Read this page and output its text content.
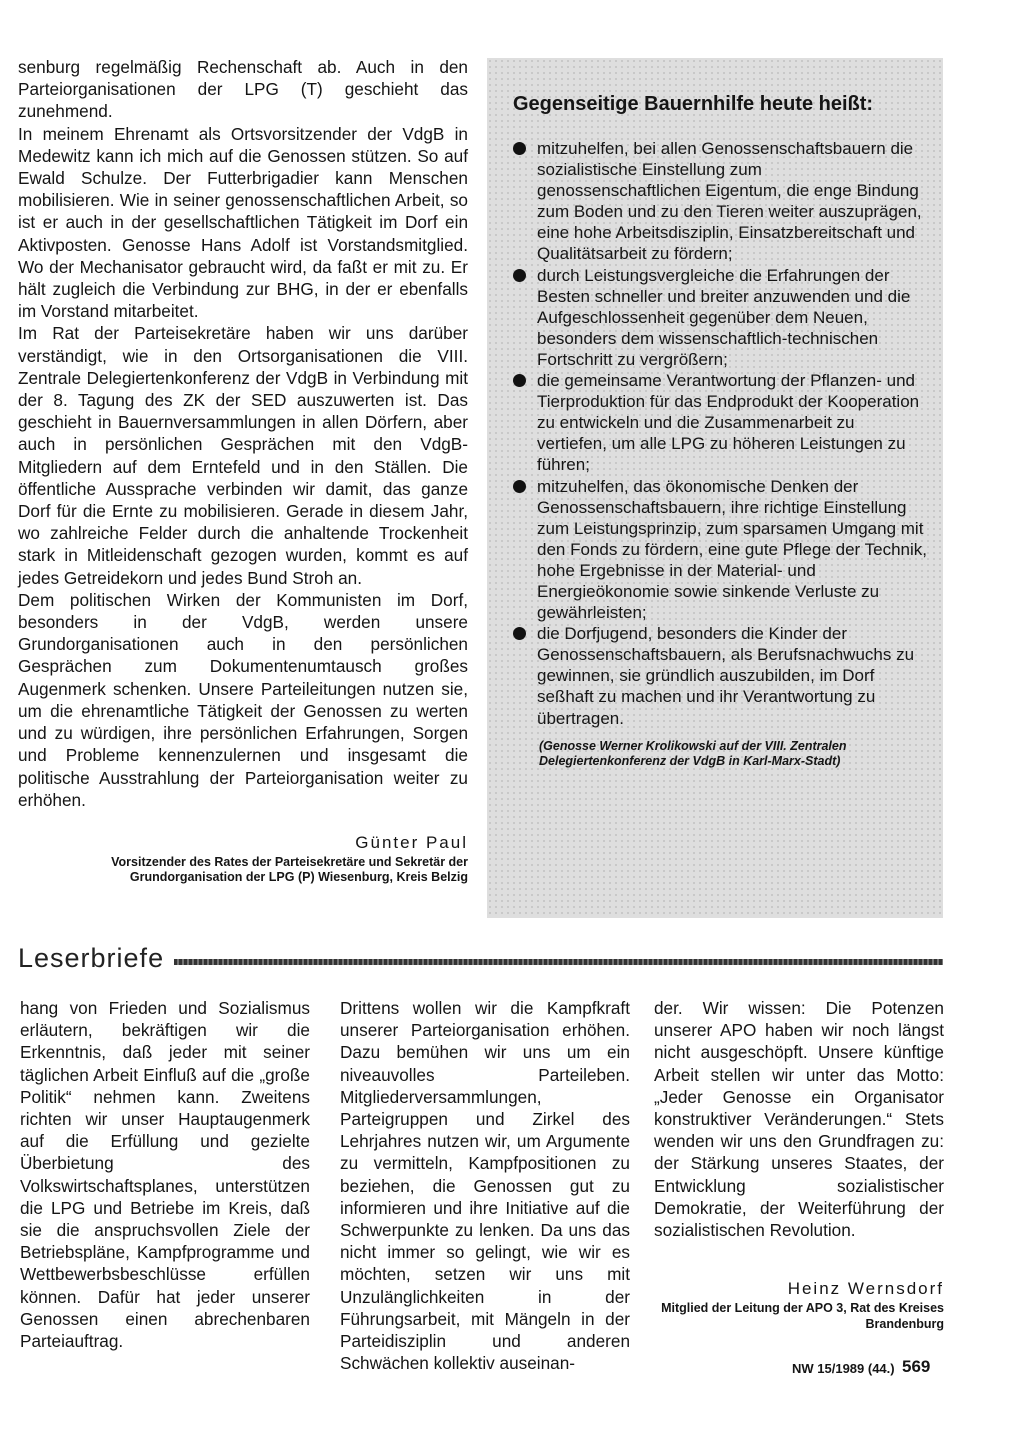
senburg regelmäßig Rechenschaft ab. Auch in den Parteiorganisationen der LPG (T) geschieht das zunehmend.

In meinem Ehrenamt als Ortsvorsitzender der VdgB in Medewitz kann ich mich auf die Genossen stützen. So auf Ewald Schulze. Der Futterbrigadier kann Menschen mobilisieren. Wie in seiner genossenschaftlichen Arbeit, so ist er auch in der gesellschaftlichen Tätigkeit im Dorf ein Aktivposten. Genosse Hans Adolf ist Vorstandsmitglied. Wo der Mechanisator gebraucht wird, da faßt er mit zu. Er hält zugleich die Verbindung zur BHG, in der er ebenfalls im Vorstand mitarbeitet.

Im Rat der Parteisekretäre haben wir uns darüber verständigt, wie in den Ortsorganisationen die VIII. Zentrale Delegiertenkonferenz der VdgB in Verbindung mit der 8. Tagung des ZK der SED auszuwerten ist. Das geschieht in Bauernversammlungen in allen Dörfern, aber auch in persönlichen Gesprächen mit den VdgB-Mitgliedern auf dem Erntefeld und in den Ställen. Die öffentliche Aussprache verbinden wir damit, das ganze Dorf für die Ernte zu mobilisieren. Gerade in diesem Jahr, wo zahlreiche Felder durch die anhaltende Trockenheit stark in Mitleidenschaft gezogen wurden, kommt es auf jedes Getreidekorn und jedes Bund Stroh an.

Dem politischen Wirken der Kommunisten im Dorf, besonders in der VdgB, werden unsere Grundorganisationen auch in den persönlichen Gesprächen zum Dokumentenumtausch großes Augenmerk schenken. Unsere Parteileitungen nutzen sie, um die ehrenamtliche Tätigkeit der Genossen zu werten und zu würdigen, ihre persönlichen Erfahrungen, Sorgen und Probleme kennenzulernen und insgesamt die politische Ausstrahlung der Parteiorganisation weiter zu erhöhen.

Günter Paul
Vorsitzender des Rates der Parteisekretäre und Sekretär der Grundorganisation der LPG (P) Wiesenburg, Kreis Belzig
Gegenseitige Bauernhilfe heute heißt:
mitzuhelfen, bei allen Genossenschaftsbauern die sozialistische Einstellung zum genossenschaftlichen Eigentum, die enge Bindung zum Boden und zu den Tieren weiter auszuprägen, eine hohe Arbeitsdisziplin, Einsatzbereitschaft und Qualitätsarbeit zu fördern;
durch Leistungsvergleiche die Erfahrungen der Besten schneller und breiter anzuwenden und die Aufgeschlossenheit gegenüber dem Neuen, besonders dem wissenschaftlich-technischen Fortschritt zu vergrößern;
die gemeinsame Verantwortung der Pflanzen- und Tierproduktion für das Endprodukt der Kooperation zu entwickeln und die Zusammenarbeit zu vertiefen, um alle LPG zu höheren Leistungen zu führen;
mitzuhelfen, das ökonomische Denken der Genossenschaftsbauern, ihre richtige Einstellung zum Leistungsprinzip, zum sparsamen Umgang mit den Fonds zu fördern, eine gute Pflege der Technik, hohe Ergebnisse in der Material- und Energieökonomie sowie sinkende Verluste zu gewährleisten;
die Dorfjugend, besonders die Kinder der Genossenschaftsbauern, als Berufsnachwuchs zu gewinnen, sie gründlich auszubilden, im Dorf seßhaft zu machen und ihr Verantwortung zu übertragen.
(Genosse Werner Krolikowski auf der VIII. Zentralen Delegiertenkonferenz der VdgB in Karl-Marx-Stadt)
Leserbriefe

hang von Frieden und Sozialismus erläutern, bekräftigen wir die Erkenntnis, daß jeder mit seiner täglichen Arbeit Einfluß auf die „große Politik“ nehmen kann. Zweitens richten wir unser Hauptaugenmerk auf die Erfüllung und gezielte Überbietung des Volkswirtschaftsplanes, unterstützen die LPG und Betriebe im Kreis, daß sie die anspruchsvollen Ziele der Betriebspläne, Kampfprogramme und Wettbewerbsbeschlüsse erfüllen können. Dafür hat jeder unserer Genossen einen abrechenbaren Parteiauftrag.

Drittens wollen wir die Kampfkraft unserer Parteiorganisation erhöhen. Dazu bemühen wir uns um ein niveauvolles Parteileben. Mitgliederversammlungen, Parteigruppen und Zirkel des Lehrjahres nutzen wir, um Argumente zu vermitteln, Kampfpositionen zu beziehen, die Genossen gut zu informieren und ihre Initiative auf die Schwerpunkte zu lenken. Da uns das nicht immer so gelingt, wie wir es möchten, setzen wir uns mit Unzulänglichkeiten in der Führungsarbeit, mit Mängeln in der Parteidisziplin und anderen Schwächen kollektiv auseinan-

der. Wir wissen: Die Potenzen unserer APO haben wir noch längst nicht ausgeschöpft. Unsere künftige Arbeit stellen wir unter das Motto: „Jeder Genosse ein Organisator konstruktiver Veränderungen.“ Stets wenden wir uns den Grundfragen zu: der Stärkung unseres Staates, der Entwicklung sozialistischer Demokratie, der Weiterführung der sozialistischen Revolution.

Heinz Wernsdorf
Mitglied der Leitung der APO 3, Rat des Kreises Brandenburg
NW 15/1989 (44.) 569
